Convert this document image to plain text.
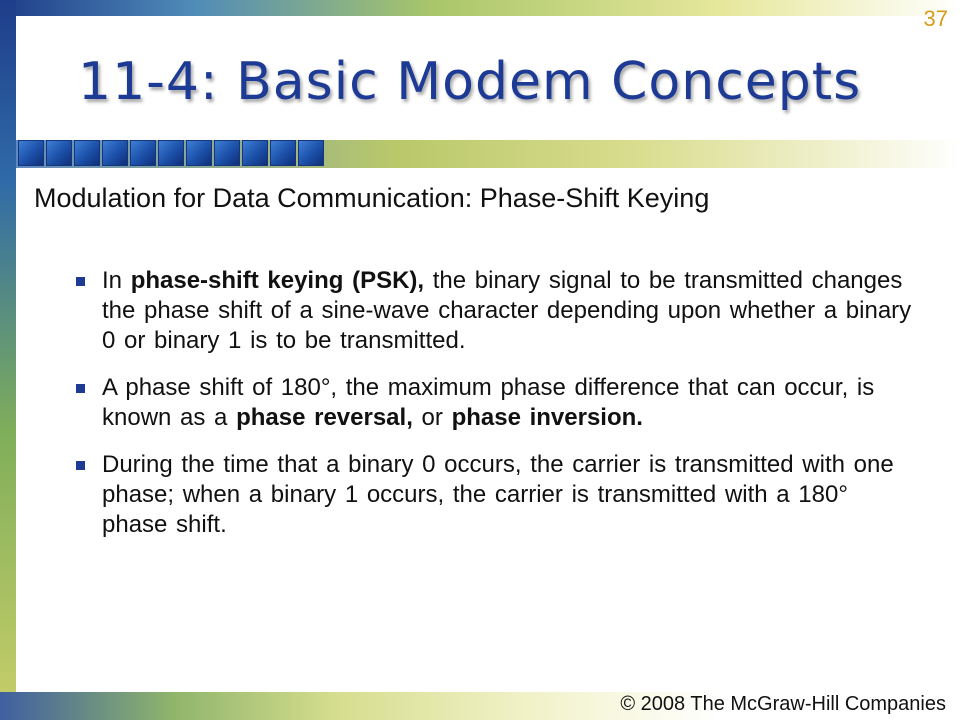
37
11-4: Basic Modem Concepts
Modulation for Data Communication: Phase-Shift Keying
In phase-shift keying (PSK), the binary signal to be transmitted changes the phase shift of a sine-wave character depending upon whether a binary 0 or binary 1 is to be transmitted.
A phase shift of 180°, the maximum phase difference that can occur, is known as a phase reversal, or phase inversion.
During the time that a binary 0 occurs, the carrier is transmitted with one phase; when a binary 1 occurs, the carrier is transmitted with a 180° phase shift.
© 2008 The McGraw-Hill Companies
